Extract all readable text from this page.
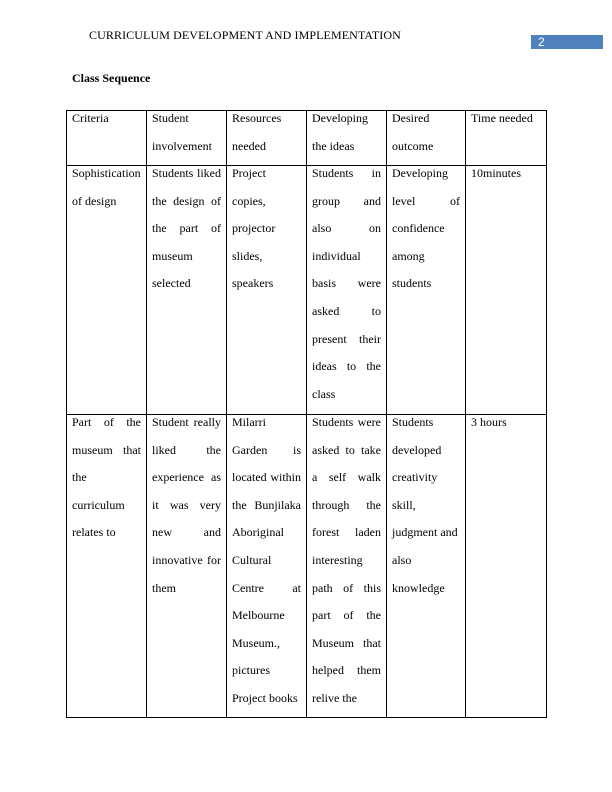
CURRICULUM DEVELOPMENT AND IMPLEMENTATION	2
Class Sequence
Criteria	Student involvement	Resources needed	Developing the ideas	Desired outcome	Time needed

Sophistication of design	Students liked the design of the part of museum selected	Project copies, projector slides, speakers	Students in group and also on individual basis were asked to present their ideas to the class	Developing level of confidence among students	10minutes

Part of the museum that the curriculum relates to	Student really liked the experience as it was very new and innovative for them	Milarri Garden is located within the Bunjilaka Aboriginal Cultural Centre at Melbourne Museum., pictures Project books	Students were asked to take a self walk through the forest laden interesting path of this part of the Museum that helped them relive the	Students developed creativity skill, judgment and also knowledge	3 hours
